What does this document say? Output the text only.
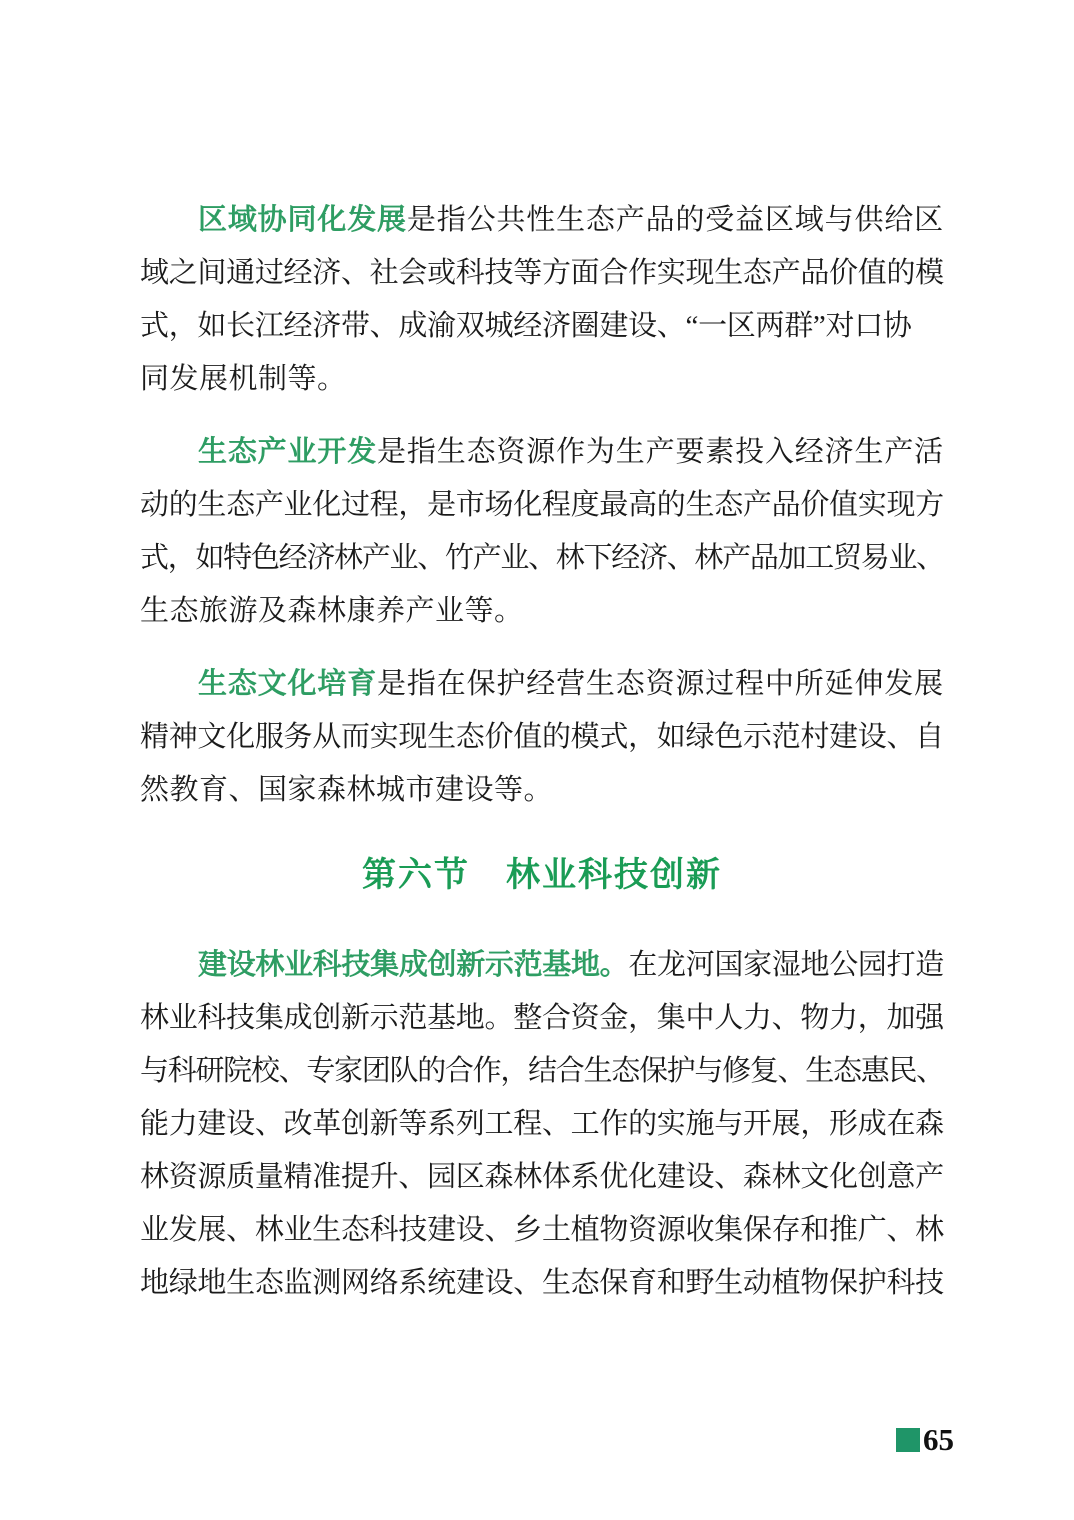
区域协同化发展是指公共性生态产品的受益区域与供给区
域之间通过经济、社会或科技等方面合作实现生态产品价值的模
式，如长江经济带、成渝双城经济圈建设、“一区两群”对口协
同发展机制等。
生态产业开发是指生态资源作为生产要素投入经济生产活
动的生态产业化过程，是市场化程度最高的生态产品价值实现方
式，如特色经济林产业、竹产业、林下经济、林产品加工贸易业、
生态旅游及森林康养产业等。
生态文化培育是指在保护经营生态资源过程中所延伸发展
精神文化服务从而实现生态价值的模式，如绿色示范村建设、自
然教育、国家森林城市建设等。
第六节　林业科技创新
建设林业科技集成创新示范基地。在龙河国家湿地公园打造
林业科技集成创新示范基地。整合资金，集中人力、物力，加强
与科研院校、专家团队的合作，结合生态保护与修复、生态惠民、
能力建设、改革创新等系列工程、工作的实施与开展，形成在森
林资源质量精准提升、园区森林体系优化建设、森林文化创意产
业发展、林业生态科技建设、乡土植物资源收集保存和推广、林
地绿地生态监测网络系统建设、生态保育和野生动植物保护科技
65
